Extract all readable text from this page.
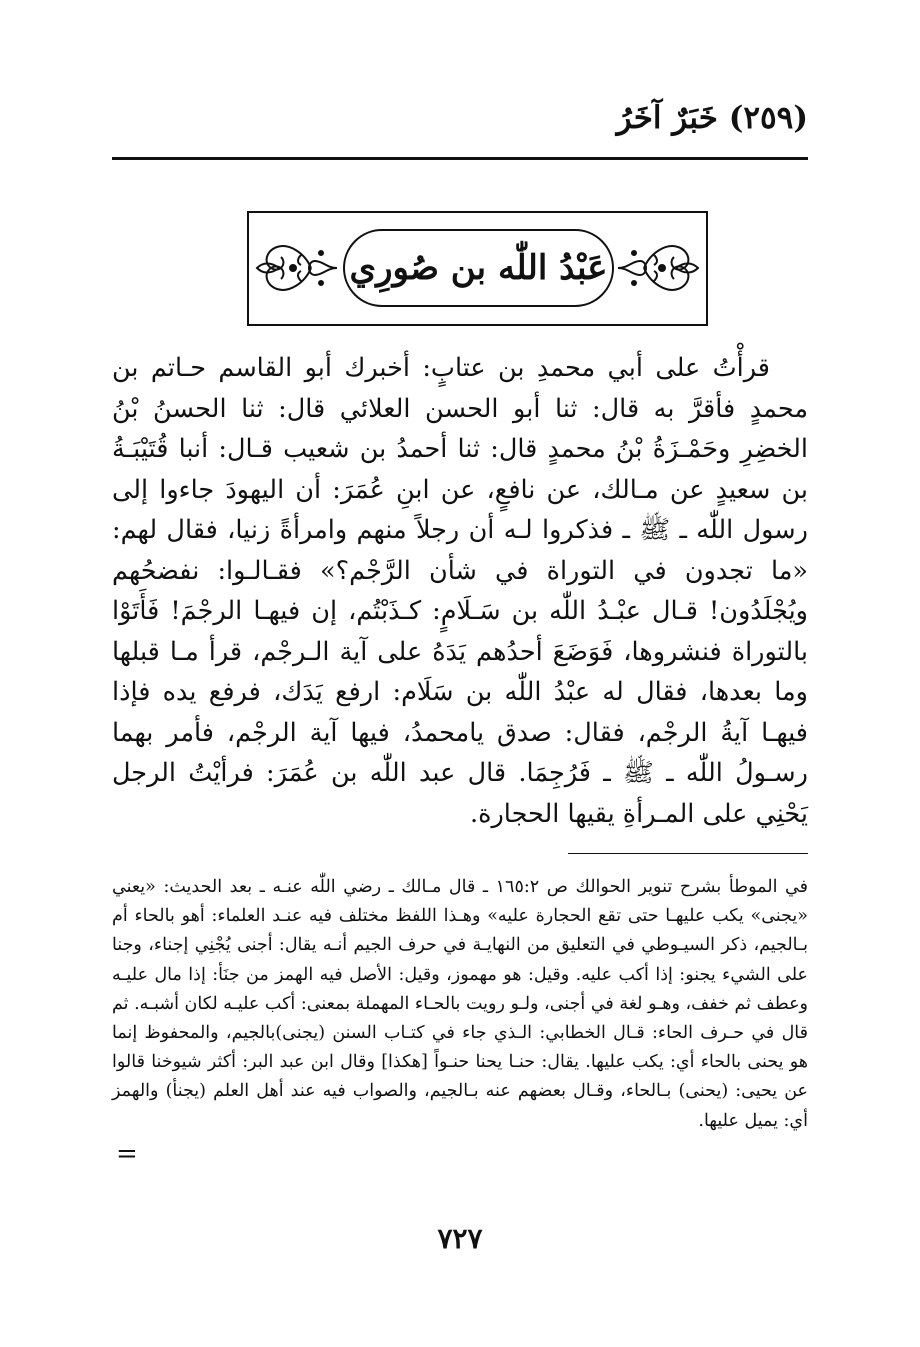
(٢٥٩) خَبَرٌ آخَرُ
عَبْدُ اللّٰه بن صُورِي

قرأْتُ على أبي محمدِ بن عتابٍ: أخبرك أبو القاسم حـاتم بن محمدٍ فأقرَّ به قال: ثنا أبو الحسن العلائي قال: ثنا الحسنُ بْنُ الخضِرِ وحَمْـزَةُ بْنُ محمدٍ قال: ثنا أحمدُ بن شعيب قـال: أنبا قُتَيْبَـةُ بن سعيدٍ عن مـالك، عن نافعٍ، عن ابنِ عُمَرَ: أن اليهودَ جاءوا إلى رسول اللّٰه ـ ﷺ ـ فذكروا لـه أن رجلاً منهم وامرأةً زنيا، فقال لهم: «ما تجدون في التوراة في شأن الرَّجْم؟» فقـالـوا: نفضحُهم ويُجْلَدُون! قـال عبْـدُ اللّٰه بن سَـلَامٍ: كـذَبْتُم، إن فيهـا الرجْمَ! فَأَتَوْا بالتوراة فنشروها، فَوَضَعَ أحدُهم يَدَهُ على آية الـرجْم، قرأ مـا قبلها وما بعدها، فقال له عبْدُ اللّٰه بن سَلَام: ارفع يَدَك، فرفع يده فإذا فيهـا آيةُ الرجْم، فقال: صدق يامحمدُ، فيها آية الرجْم، فأمر بهما رسـولُ اللّٰه ـ ﷺ ـ فَرُجِمَا. قال عبد اللّٰه بن عُمَرَ: فرأيْتُ الرجل يَحْنِي على المـرأةِ يقيها الحجارة.

في الموطأ بشرح تنوير الحوالك ص ١٦٥:٢ ـ قال مـالك ـ رضي اللّٰه عنـه ـ بعد الحديث: «يعني «يجنى» يكب عليهـا حتى تقع الحجارة عليه» وهـذا اللفظ مختلف فيه عنـد العلماء: أهو بالحاء أم بـالجيم، ذكر السيـوطي في التعليق من النهايـة في حرف الجيم أنـه يقال: أجنى يُجْنِي إجناء، وجنا على الشيء يجنو: إذا أكب عليه. وقيل: هو مهموز، وقيل: الأصل فيه الهمز من جنَأ: إذا مال عليـه وعطف ثم خفف، وهـو لغة في أجنى، ولـو رويت بالحـاء المهملة بمعنى: أكب عليـه لكان أشبـه. ثم قال في حـرف الحاء: قـال الخطابي: الـذي جاء في كتـاب السنن (يجنى)بالجيم، والمحفوظ إنما هو يحنى بالحاء أي: يكب عليها. يقال: حنـا يحنا حنـواً [هكذا] وقال ابن عبد البر: أكثر شيوخنا قالوا عن يحيى: (يحنى) بـالحاء، وقـال بعضهم عنه بـالجيم، والصواب فيه عند أهل العلم (يجنأ) والهمز أي: يميل عليها.

=
٧٢٧
